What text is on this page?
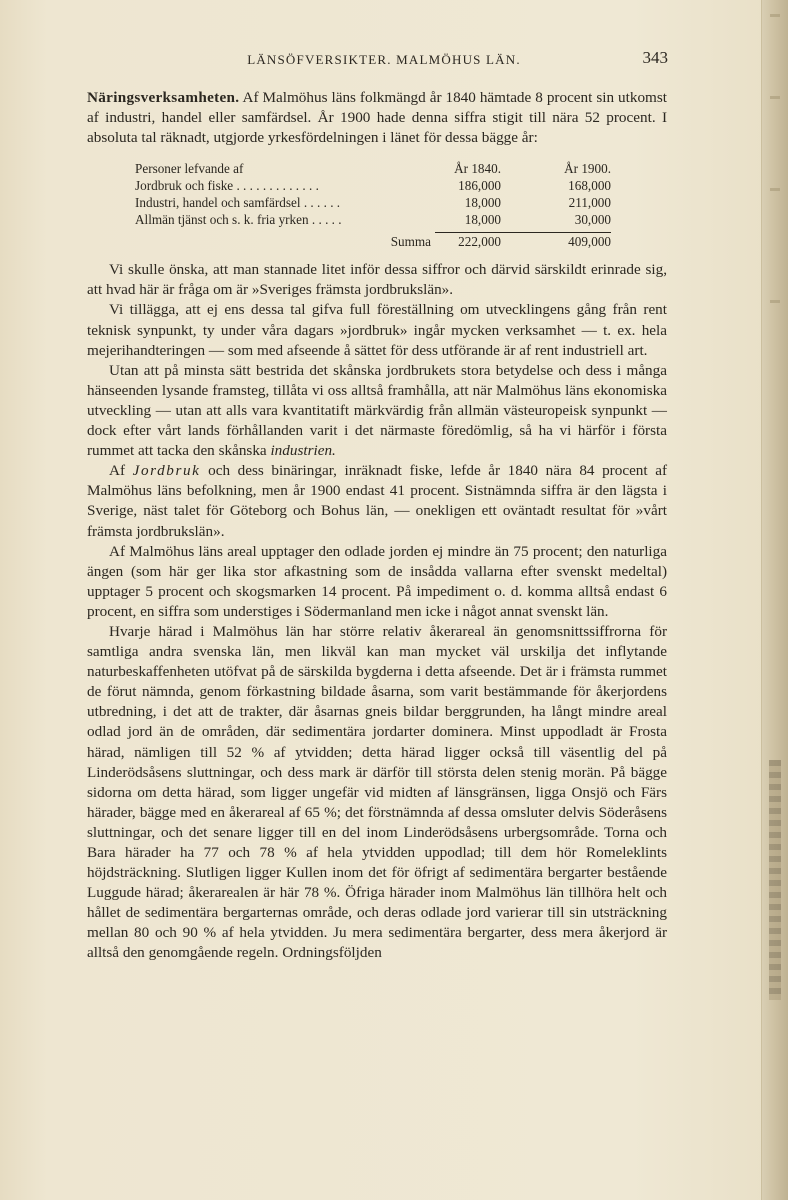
LÄNSÖFVERSIKTER. MALMÖHUS LÄN.	343

Näringsverksamheten. Af Malmöhus läns folkmängd år 1840 hämtade 8 procent sin utkomst af industri, handel eller samfärdsel. År 1900 hade denna siffra stigit till nära 52 procent. I absoluta tal räknadt, utgjorde yrkesfördelningen i länet för dessa bägge år:

Personer lefvande af	År 1840.	År 1900.
Jordbruk och fiske . . . . . . . . . . . . .	186,000	168,000
Industri, handel och samfärdsel . . . . . .	18,000	211,000
Allmän tjänst och s. k. fria yrken . . . . .	18,000	30,000

Summa	222,000	409,000

Vi skulle önska, att man stannade litet inför dessa siffror och därvid särskildt erinrade sig, att hvad här är fråga om är »Sveriges främsta jordbrukslän».

Vi tillägga, att ej ens dessa tal gifva full föreställning om utvecklingens gång från rent teknisk synpunkt, ty under våra dagars »jordbruk» ingår mycken verksamhet — t. ex. hela mejerihandteringen — som med afseende å sättet för dess utförande är af rent industriell art.

Utan att på minsta sätt bestrida det skånska jordbrukets stora betydelse och dess i många hänseenden lysande framsteg, tillåta vi oss alltså framhålla, att när Malmöhus läns ekonomiska utveckling — utan att alls vara kvantitatift märkvärdig från allmän västeuropeisk synpunkt — dock efter vårt lands förhållanden varit i det närmaste föredömlig, så ha vi härför i första rummet att tacka den skånska industrien.

Af Jordbruk och dess binäringar, inräknadt fiske, lefde år 1840 nära 84 procent af Malmöhus läns befolkning, men år 1900 endast 41 procent. Sistnämnda siffra är den lägsta i Sverige, näst talet för Göteborg och Bohus län, — onekligen ett oväntadt resultat för »vårt främsta jordbrukslän».

Af Malmöhus läns areal upptager den odlade jorden ej mindre än 75 procent; den naturliga ängen (som här ger lika stor afkastning som de insådda vallarna efter svenskt medeltal) upptager 5 procent och skogsmarken 14 procent. På impediment o. d. komma alltså endast 6 procent, en siffra som understiges i Södermanland men icke i något annat svenskt län.

Hvarje härad i Malmöhus län har större relativ åkerareal än genomsnittssiffrorna för samtliga andra svenska län, men likväl kan man mycket väl urskilja det inflytande naturbeskaffenheten utöfvat på de särskilda bygderna i detta afseende. Det är i främsta rummet de förut nämnda, genom förkastning bildade åsarna, som varit bestämmande för åkerjordens utbredning, i det att de trakter, där åsarnas gneis bildar berggrunden, ha långt mindre areal odlad jord än de områden, där sedimentära jordarter dominera. Minst uppodladt är Frosta härad, nämligen till 52 % af ytvidden; detta härad ligger också till väsentlig del på Linderödsåsens sluttningar, och dess mark är därför till största delen stenig morän. På bägge sidorna om detta härad, som ligger ungefär vid midten af länsgränsen, ligga Onsjö och Färs härader, bägge med en åkerareal af 65 %; det förstnämnda af dessa omsluter delvis Söderåsens sluttningar, och det senare ligger till en del inom Linderödsåsens urbergsområde. Torna och Bara härader ha 77 och 78 % af hela ytvidden uppodlad; till dem hör Romeleklints höjdsträckning. Slutligen ligger Kullen inom det för öfrigt af sedimentära bergarter bestående Luggude härad; åkerarealen är här 78 %. Öfriga härader inom Malmöhus län tillhöra helt och hållet de sedimentära bergarternas område, och deras odlade jord varierar till sin utsträckning mellan 80 och 90 % af hela ytvidden. Ju mera sedimentära bergarter, dess mera åkerjord är alltså den genomgående regeln. Ordningsföljden
